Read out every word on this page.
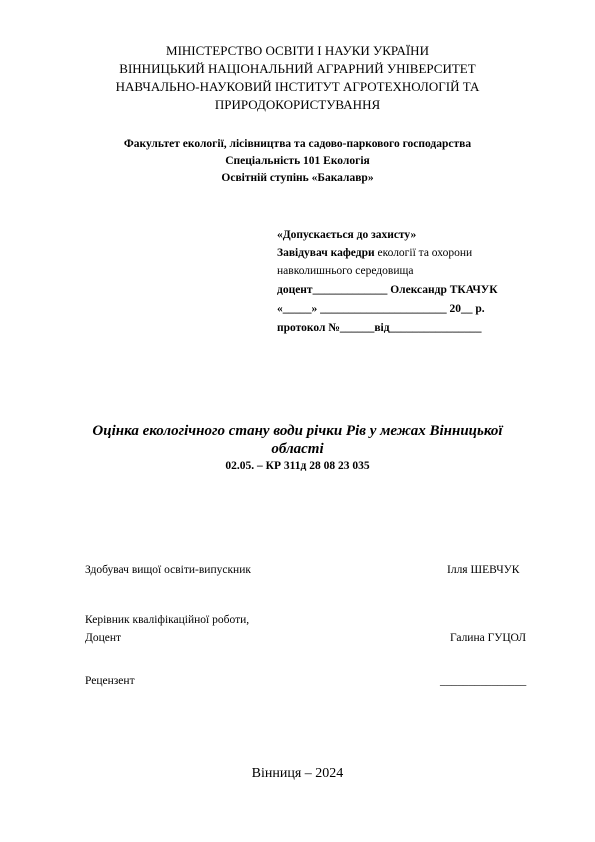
МІНІСТЕРСТВО ОСВІТИ І НАУКИ УКРАЇНИ
ВІННИЦЬКИЙ НАЦІОНАЛЬНИЙ АГРАРНИЙ УНІВЕРСИТЕТ
НАВЧАЛЬНО-НАУКОВИЙ ІНСТИТУТ АГРОТЕХНОЛОГІЙ ТА
ПРИРОДОКОРИСТУВАННЯ
Факультет екології, лісівництва та садово-паркового господарства
Спеціальність 101 Екологія
Освітній ступінь «Бакалавр»
«Допускається до захисту»
Завідувач кафедри екології та охорони
навколишнього середовища
доцент_____________ Олександр ТКАЧУК
«_____» ______________________ 20__ р.
протокол №______від________________
Оцінка екологічного стану води річки Рів у межах Вінницької
області
02.05. – КР 311д 28 08 23 035
Здобувач вищої освіти-випускник	Ілля ШЕВЧУК
Керівник кваліфікаційної роботи,
Доцент	Галина ГУЦОЛ
Рецензент	_______________
Вінниця – 2024
